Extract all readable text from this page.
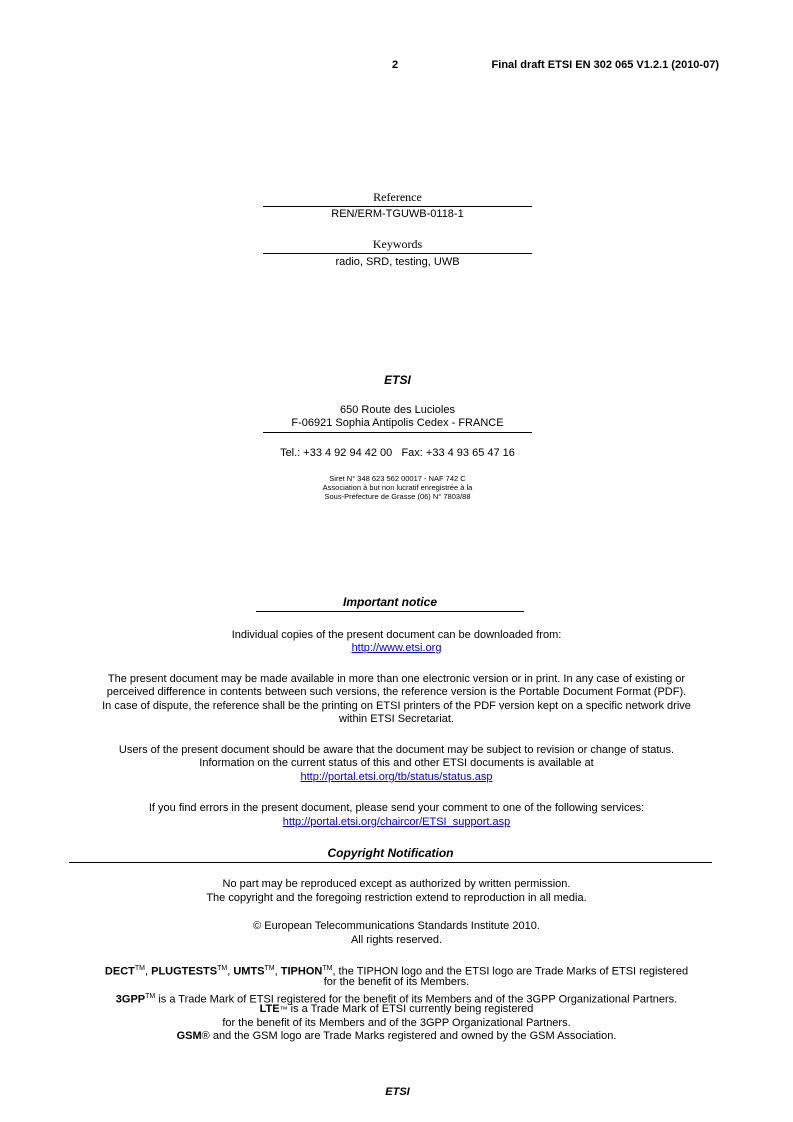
2	Final draft ETSI EN 302 065 V1.2.1 (2010-07)
Reference
REN/ERM-TGUWB-0118-1
Keywords
radio, SRD, testing, UWB
ETSI
650 Route des Lucioles
F-06921 Sophia Antipolis Cedex - FRANCE
Tel.: +33 4 92 94 42 00   Fax: +33 4 93 65 47 16
Siret N° 348 623 562 00017 - NAF 742 C
Association à but non lucratif enregistrée à la
Sous-Préfecture de Grasse (06) N° 7803/88
Important notice
Individual copies of the present document can be downloaded from:
http://www.etsi.org
The present document may be made available in more than one electronic version or in print. In any case of existing or
perceived difference in contents between such versions, the reference version is the Portable Document Format (PDF).
In case of dispute, the reference shall be the printing on ETSI printers of the PDF version kept on a specific network drive
within ETSI Secretariat.
Users of the present document should be aware that the document may be subject to revision or change of status.
Information on the current status of this and other ETSI documents is available at
http://portal.etsi.org/tb/status/status.asp
If you find errors in the present document, please send your comment to one of the following services:
http://portal.etsi.org/chaircor/ETSI_support.asp
Copyright Notification
No part may be reproduced except as authorized by written permission.
The copyright and the foregoing restriction extend to reproduction in all media.
© European Telecommunications Standards Institute 2010.
All rights reserved.
DECT™, PLUGTESTS™, UMTS™, TIPHON™, the TIPHON logo and the ETSI logo are Trade Marks of ETSI registered
for the benefit of its Members.
3GPP™ is a Trade Mark of ETSI registered for the benefit of its Members and of the 3GPP Organizational Partners.
LTE™ is a Trade Mark of ETSI currently being registered
for the benefit of its Members and of the 3GPP Organizational Partners.
GSM® and the GSM logo are Trade Marks registered and owned by the GSM Association.
ETSI
